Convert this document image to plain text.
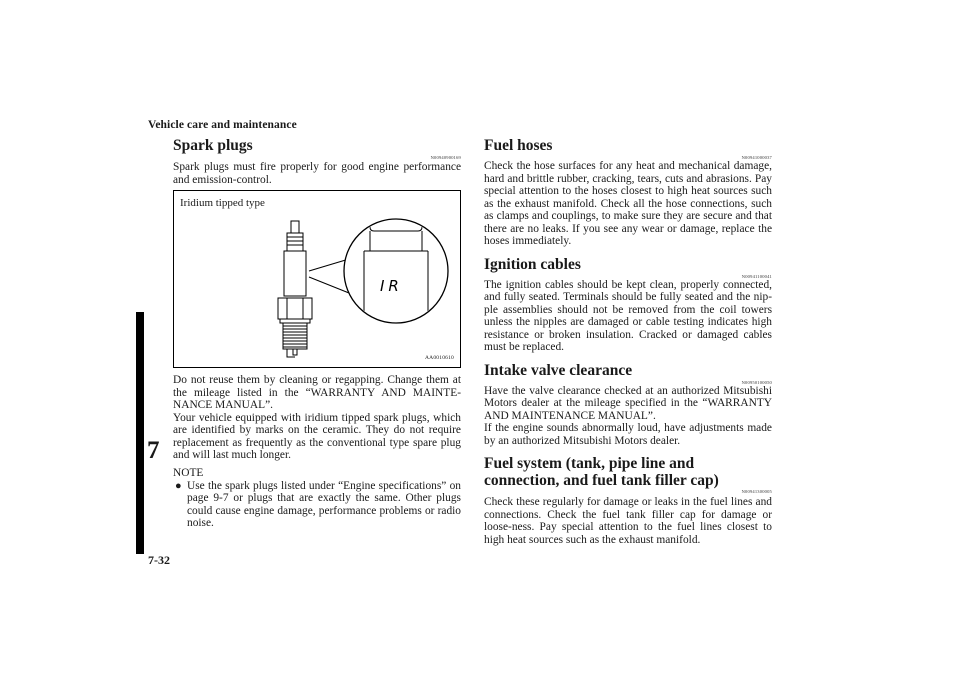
Vehicle care and maintenance
7
7-32
Spark plugs
N00940900169

Spark plugs must fire properly for good engine performance and emission-control.

Iridium tipped type
IR
AA0010610

Do not reuse them by cleaning or regapping. Change them at the mileage listed in the “WARRANTY AND MAINTE-NANCE MANUAL”.

Your vehicle equipped with iridium tipped spark plugs, which are identified by marks on the ceramic. They do not require replacement as frequently as the conventional type spare plug and will last much longer.

NOTE
● Use the spark plugs listed under “Engine specifications” on page 9-7 or plugs that are exactly the same. Other plugs could cause engine damage, performance problems or radio noise.

Fuel hoses
N00941000037

Check the hose surfaces for any heat and mechanical damage, hard and brittle rubber, cracking, tears, cuts and abrasions. Pay special attention to the hoses closest to high heat sources such as the exhaust manifold. Check all the hose connections, such as clamps and couplings, to make sure they are secure and that there are no leaks. If you see any wear or damage, replace the hoses immediately.

Ignition cables
N00941100041

The ignition cables should be kept clean, properly connected, and fully seated. Terminals should be fully seated and the nip-ple assemblies should not be removed from the coil towers unless the nipples are damaged or cable testing indicates high resistance or broken insulation. Cracked or damaged cables must be replaced.

Intake valve clearance
N00950100050

Have the valve clearance checked at an authorized Mitsubishi Motors dealer at the mileage specified in the “WARRANTY AND MAINTENANCE MANUAL”.

If the engine sounds abnormally loud, have adjustments made by an authorized Mitsubishi Motors dealer.

Fuel system (tank, pipe line and connection, and fuel tank filler cap)
N00941300005

Check these regularly for damage or leaks in the fuel lines and connections. Check the fuel tank filler cap for damage or loose-ness. Pay special attention to the fuel lines closest to high heat sources such as the exhaust manifold.
